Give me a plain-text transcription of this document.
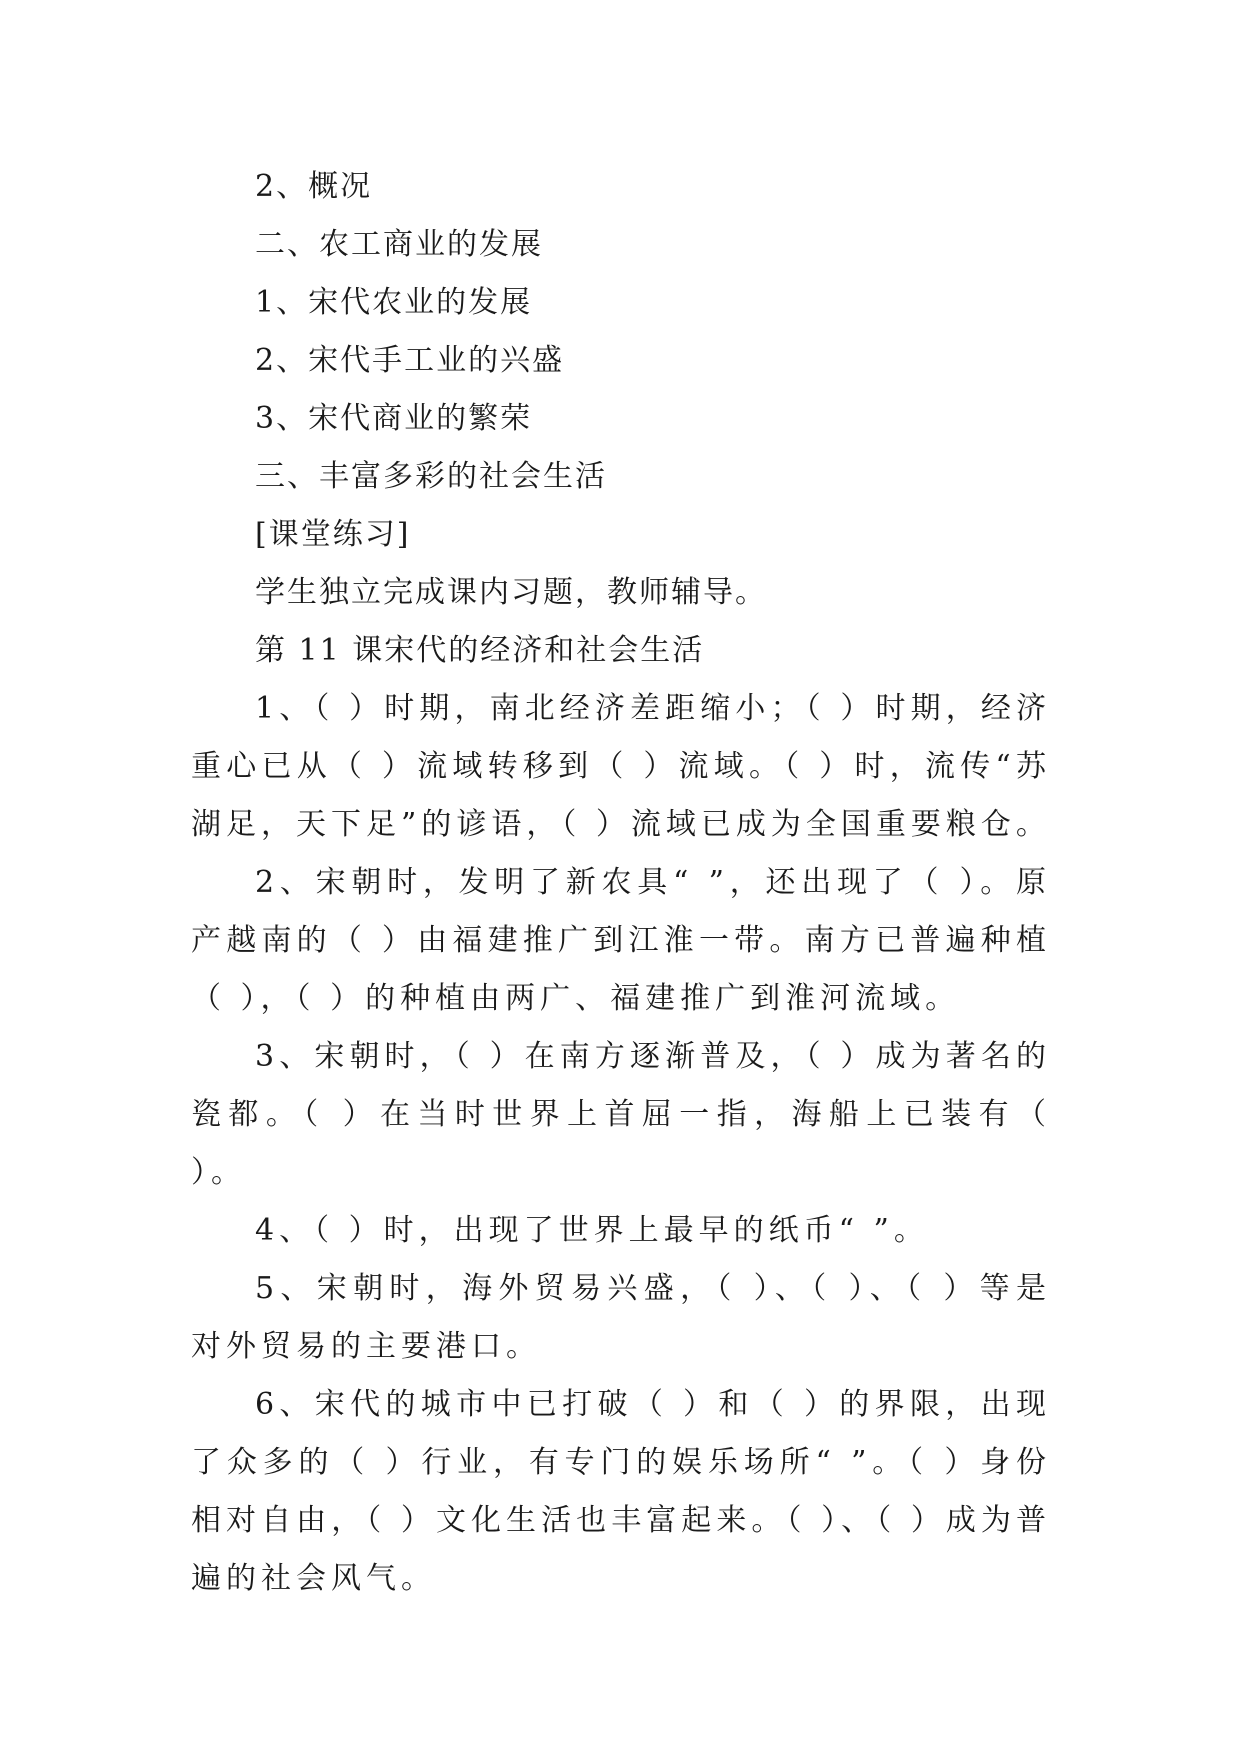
2、概况
二、农工商业的发展
1、宋代农业的发展
2、宋代手工业的兴盛
3、宋代商业的繁荣
三、丰富多彩的社会生活
[课堂练习]
学生独立完成课内习题，教师辅导。
第 11 课宋代的经济和社会生活

1、（ ）时期，南北经济差距缩小；（ ）时期，经济重心已从（ ）流域转移到（ ）流域。（ ）时，流传“苏湖足，天下足”的谚语，（ ）流域已成为全国重要粮仓。

2、宋朝时，发明了新农具“ ”，还出现了（ ）。原产越南的（ ）由福建推广到江淮一带。南方已普遍种植（ ），（ ）的种植由两广、福建推广到淮河流域。

3、宋朝时，（ ）在南方逐渐普及，（ ）成为著名的瓷都。（ ）在当时世界上首屈一指，海船上已装有（ ）。

4、（ ）时，出现了世界上最早的纸币“ ”。

5、宋朝时，海外贸易兴盛，（ ）、（ ）、（ ）等是对外贸易的主要港口。

6、宋代的城市中已打破（ ）和（ ）的界限，出现了众多的（ ）行业，有专门的娱乐场所“ ”。（ ）身份相对自由，（ ）文化生活也丰富起来。（ ）、（ ）成为普遍的社会风气。
